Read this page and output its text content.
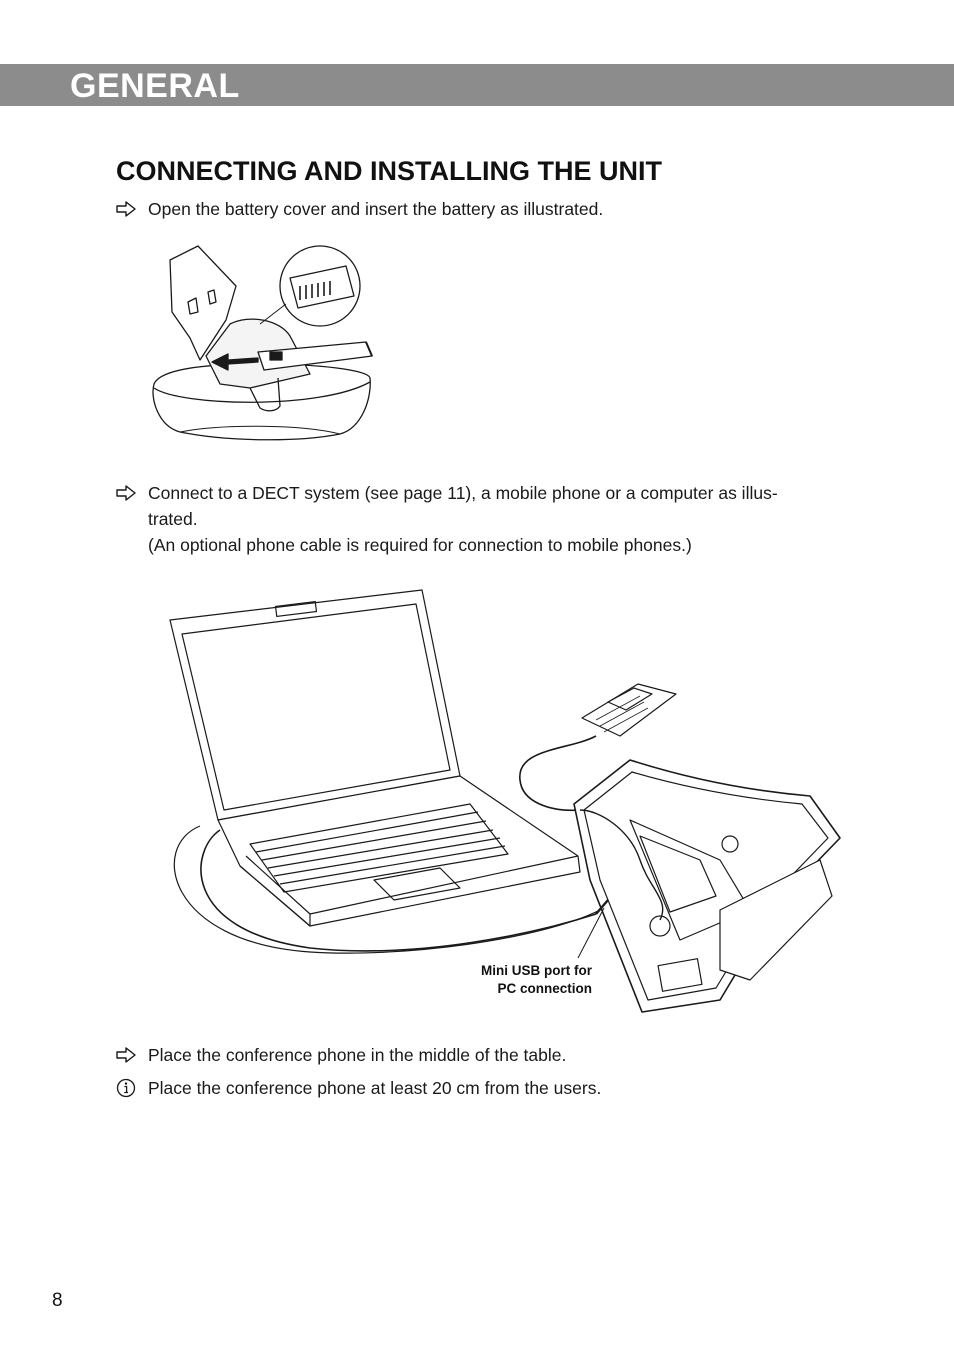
GENERAL
CONNECTING AND INSTALLING THE UNIT
Open the battery cover and insert the battery as illustrated.
Connect to a DECT system (see page 11), a mobile phone or a computer as illus-
trated.
(An optional phone cable is required for connection to mobile phones.)
Mini USB port for
PC connection
Place the conference phone in the middle of the table.
Place the conference phone at least 20 cm from the users.
8
